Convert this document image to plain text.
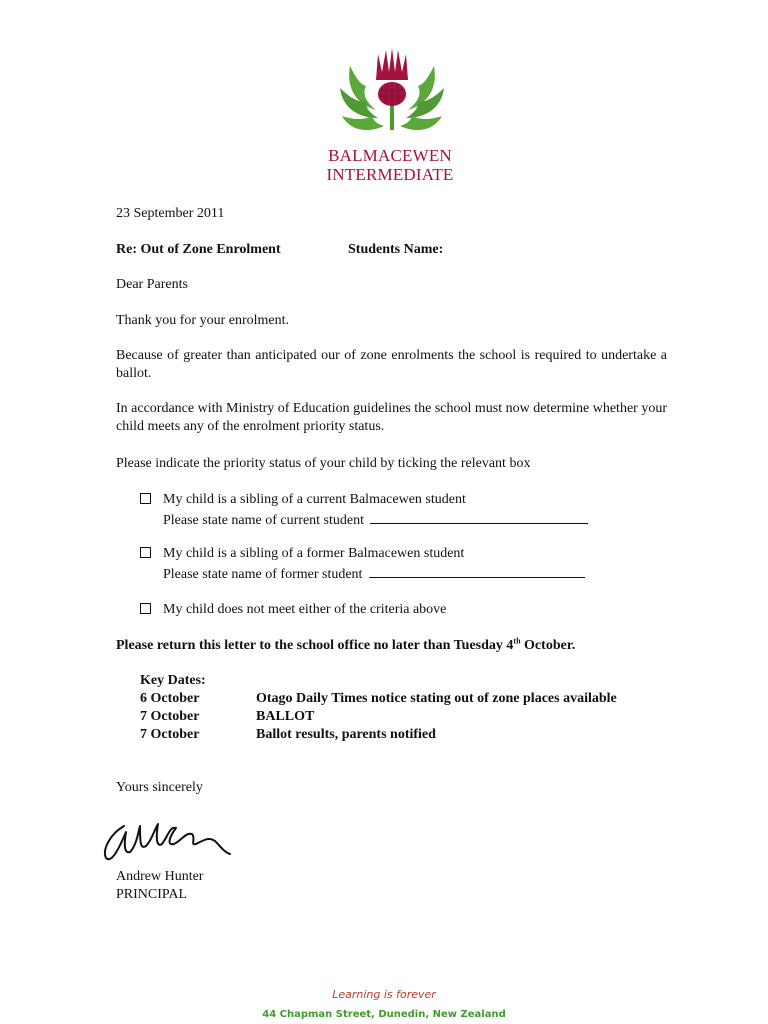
BALMACEWEN
INTERMEDIATE
23 September 2011
Re: Out of Zone Enrolment	Students Name:
Dear Parents
Thank you for your enrolment.
Because of greater than anticipated our of zone enrolments the school is required to undertake a ballot.
In accordance with Ministry of Education guidelines the school must now determine whether your child meets any of the enrolment priority status.
Please indicate the priority status of your child by ticking the relevant box
My child is a sibling of a current Balmacewen student
Please state name of current student
My child is a sibling of a former Balmacewen student
Please state name of former student
My child does not meet either of the criteria above
Please return this letter to the school office no later than Tuesday 4th October.
Key Dates:
6 October	Otago Daily Times notice stating out of zone places available
7 October	BALLOT
7 October	Ballot results, parents notified
Yours sincerely
Andrew Hunter
PRINCIPAL
Learning is forever
44 Chapman Street, Dunedin, New Zealand
